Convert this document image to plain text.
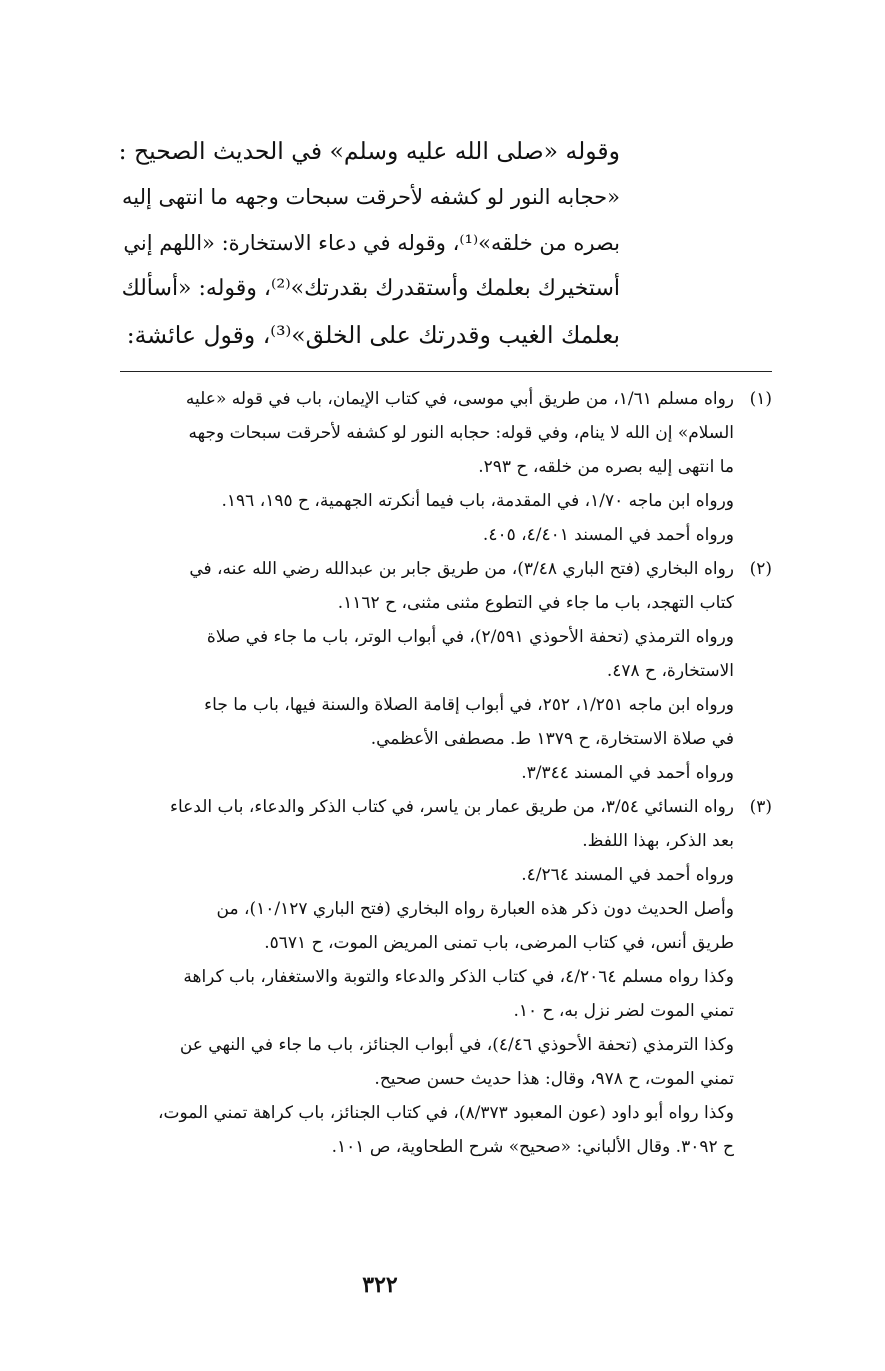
وقوله «صلى الله عليه وسلم» في الحديث الصحيح :
«حجابه النور لو كشفه لأحرقت سبحات وجهه ما انتهى إليه
بصره من خلقه»⁽¹⁾، وقوله في دعاء الاستخارة: «اللهم إني
أستخيرك بعلمك وأستقدرك بقدرتك»⁽²⁾، وقوله: «أسألك
بعلمك الغيب وقدرتك على الخلق»⁽³⁾، وقول عائشة:
(١)
رواه مسلم ١/٦١، من طريق أبي موسى، في كتاب الإيمان، باب في قوله «عليه
السلام» إن الله لا ينام، وفي قوله: حجابه النور لو كشفه لأحرقت سبحات وجهه
ما انتهى إليه بصره من خلقه، ح ٢٩٣.
ورواه ابن ماجه ١/٧٠، في المقدمة، باب فيما أنكرته الجهمية، ح ١٩٥، ١٩٦.
ورواه أحمد في المسند ٤/٤٠١، ٤٠٥.
(٢)
رواه البخاري (فتح الباري ٣/٤٨)، من طريق جابر بن عبدالله رضي الله عنه، في
كتاب التهجد، باب ما جاء في التطوع مثنى مثنى، ح ١١٦٢.
ورواه الترمذي (تحفة الأحوذي ٢/٥٩١)، في أبواب الوتر، باب ما جاء في صلاة
الاستخارة، ح ٤٧٨.
ورواه ابن ماجه ١/٢٥١، ٢٥٢، في أبواب إقامة الصلاة والسنة فيها، باب ما جاء
في صلاة الاستخارة، ح ١٣٧٩ ط. مصطفى الأعظمي.
ورواه أحمد في المسند ٣/٣٤٤.
(٣)
رواه النسائي ٣/٥٤، من طريق عمار بن ياسر، في كتاب الذكر والدعاء، باب الدعاء
بعد الذكر، بهذا اللفظ.
ورواه أحمد في المسند ٤/٢٦٤.
وأصل الحديث دون ذكر هذه العبارة رواه البخاري (فتح الباري ١٠/١٢٧)، من
طريق أنس، في كتاب المرضى، باب تمنى المريض الموت، ح ٥٦٧١.
وكذا رواه مسلم ٤/٢٠٦٤، في كتاب الذكر والدعاء والتوبة والاستغفار، باب كراهة
تمني الموت لضر نزل به، ح ١٠.
وكذا الترمذي (تحفة الأحوذي ٤/٤٦)، في أبواب الجنائز، باب ما جاء في النهي عن
تمني الموت، ح ٩٧٨، وقال: هذا حديث حسن صحيح.
وكذا رواه أبو داود (عون المعبود ٨/٣٧٣)، في كتاب الجنائز، باب كراهة تمني الموت،
ح ٣٠٩٢. وقال الألباني: «صحيح» شرح الطحاوية، ص ١٠١.
٣٢٢
